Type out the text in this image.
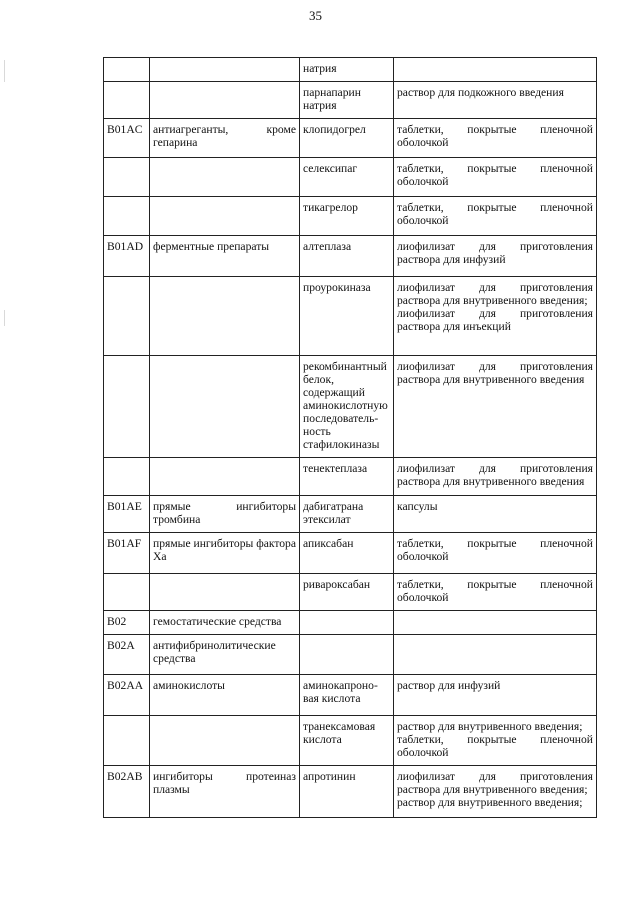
35

		натрия	

		парнапарин натрия	раствор для подкожного введения

B01AC	антиагреганты, кроме гепарина	клопидогрел	таблетки, покрытые пленочной оболочкой

		селексипаг	таблетки, покрытые пленочной оболочкой

		тикагрелор	таблетки, покрытые пленочной оболочкой

B01AD	ферментные препараты	алтеплаза	лиофилизат для приготовления раствора для инфузий

		проурокиназа	лиофилизат для приготовления раствора для внутривенного введения;
лиофилизат для приготовления раствора для инъекций

		рекомбинантный белок, содержащий аминокислотную последователь-ность стафилокиназы	лиофилизат для приготовления раствора для внутривенного введения

		тенектеплаза	лиофилизат для приготовления раствора для внутривенного введения

B01AE	прямые ингибиторы тромбина	дабигатрана этексилат	капсулы

B01AF	прямые ингибиторы фактора Ха	апиксабан	таблетки, покрытые пленочной оболочкой

		ривароксабан	таблетки, покрытые пленочной оболочкой

B02	гемостатические средства		

B02A	антифибринолитические средства		

B02AA	аминокислоты	аминокапроно-вая кислота	раствор для инфузий

		транексамовая кислота	раствор для внутривенного введения;
таблетки, покрытые пленочной оболочкой

B02AB	ингибиторы протеиназ плазмы	апротинин	лиофилизат для приготовления раствора для внутривенного введения;
раствор для внутривенного введения;
